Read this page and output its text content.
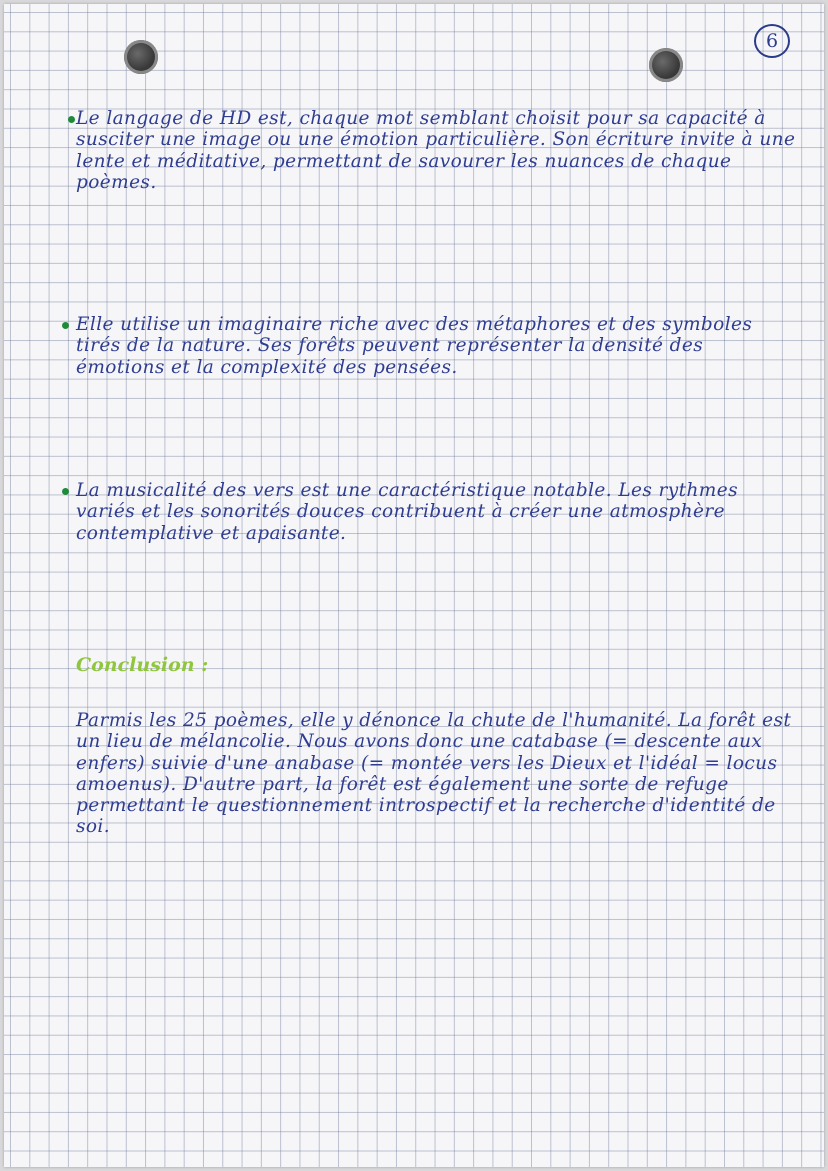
6

Le langage de HD est, chaque mot semblant choisit pour sa capacité à susciter une image ou une émotion particulière. Son écriture invite à une lente et méditative, permettant de savourer les nuances de chaque poèmes.

Elle utilise un imaginaire riche avec des métaphores et des symboles tirés de la nature. Ses forêts peuvent représenter la densité des émotions et la complexité des pensées.

La musicalité des vers est une caractéristique notable. Les rythmes variés et les sonorités douces contribuent à créer une atmosphère contemplative et apaisante.

Conclusion :

Parmis les 25 poèmes, elle y dénonce la chute de l'humanité. La forêt est un lieu de mélancolie. Nous avons donc une catabase (= descente aux enfers) suivie d'une anabase (= montée vers les Dieux et l'idéal = locus amoenus). D'autre part, la forêt est également une sorte de refuge permettant le questionnement introspectif et la recherche d'identité de soi.
